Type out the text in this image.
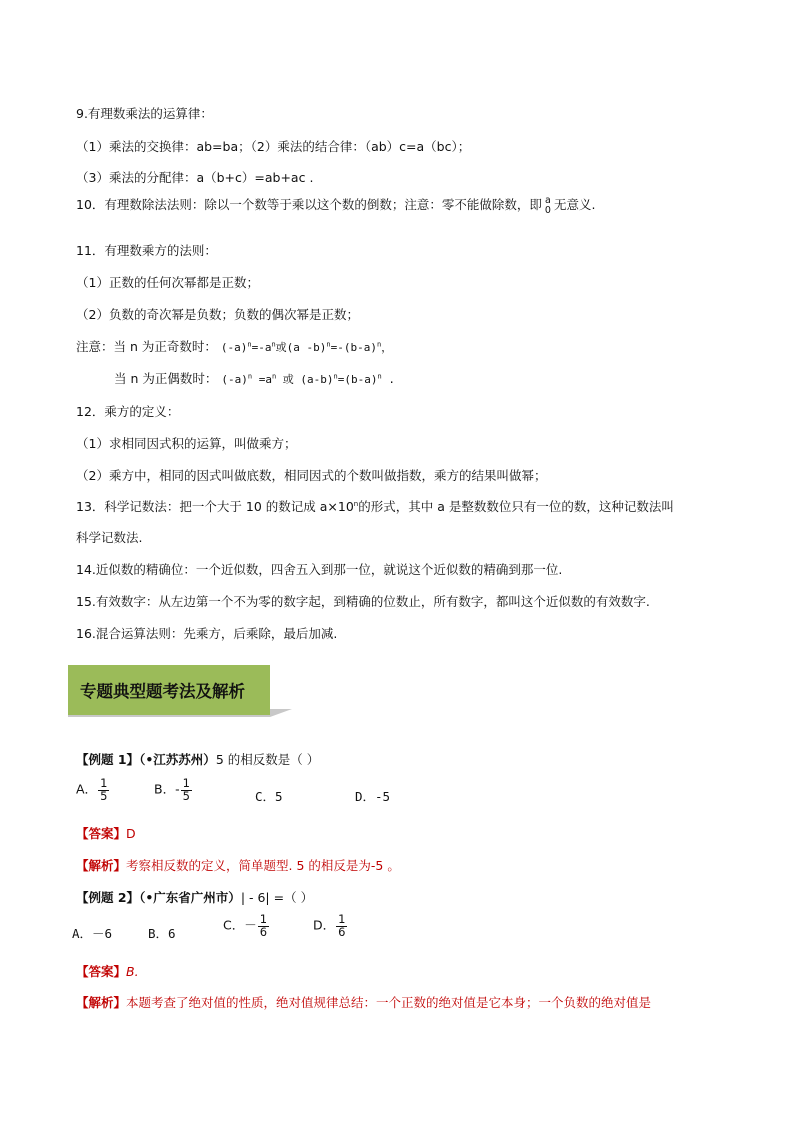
9.有理数乘法的运算律：
（1）乘法的交换律：ab=ba；（2）乘法的结合律：（ab）c=a（bc）；
（3）乘法的分配律：a（b+c）=ab+ac .
10．有理数除法法则：除以一个数等于乘以这个数的倒数；注意：零不能做除数，即 a
0 无意义.
11．有理数乘方的法则：
（1）正数的任何次幂都是正数；
（2）负数的奇次幂是负数；负数的偶次幂是正数；
注意：当 n 为正奇数时： $(-a)^n=-a^n$或(a $-b)^n=-(b-a)^n$，
当 n 为正偶数时： $(-a)^n =a^n$ 或 $(a-b)^n=(b-a)^n$ .
12．乘方的定义：
（1）求相同因式积的运算，叫做乘方；
（2）乘方中，相同的因式叫做底数，相同因式的个数叫做指数，乘方的结果叫做幂；
13．科学记数法：把一个大于 10 的数记成 $a\times 10^n$的形式，其中 a 是整数数位只有一位的数，这种记数法叫
科学记数法.
14.近似数的精确位：一个近似数，四舍五入到那一位，就说这个近似数的精确到那一位.
15.有效数字：从左边第一个不为零的数字起，到精确的位数止，所有数字，都叫这个近似数的有效数字.
16.混合运算法则：先乘方，后乘除，最后加减.
专题典型题考法及解析
【例题 1】（•江苏苏州）5 的相反数是（ ）
A． $\frac{1}{5}$	B．- $\frac{1}{5}$	C．5	D．-5
【答案】D
【解析】考察相反数的定义，简单题型. 5 的相反是为-5 。
【例题 2】（•广东省广州市）| - 6| =（ ）
A．－6	B．6
C．－ $\frac{1}{6}$	D． $\frac{1}{6}$
【答案】B.
【解析】本题考查了绝对值的性质，绝对值规律总结：一个正数的绝对值是它本身；一个负数的绝对值是
